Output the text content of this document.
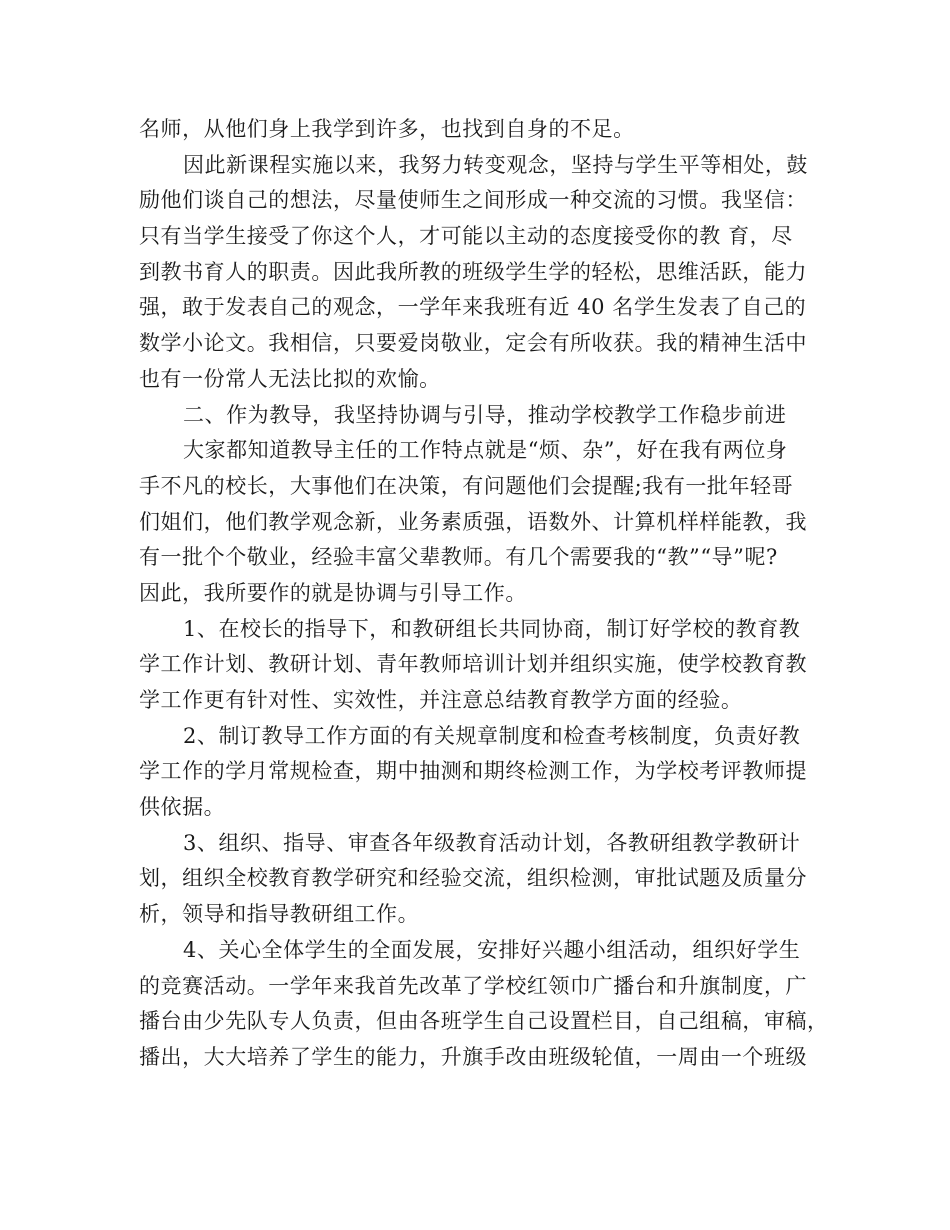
名师，从他们身上我学到许多，也找到自身的不足。
因此新课程实施以来，我努力转变观念，坚持与学生平等相处，鼓
励他们谈自己的想法，尽量使师生之间形成一种交流的习惯。我坚信：
只有当学生接受了你这个人，才可能以主动的态度接受你的教 育，尽
到教书育人的职责。因此我所教的班级学生学的轻松，思维活跃，能力
强，敢于发表自己的观念，一学年来我班有近 40 名学生发表了自己的
数学小论文。我相信，只要爱岗敬业，定会有所收获。我的精神生活中
也有一份常人无法比拟的欢愉。
二、作为教导，我坚持协调与引导，推动学校教学工作稳步前进
大家都知道教导主任的工作特点就是“烦、杂”，好在我有两位身
手不凡的校长，大事他们在决策，有问题他们会提醒;我有一批年轻哥
们姐们，他们教学观念新，业务素质强，语数外、计算机样样能教，我
有一批个个敬业，经验丰富父辈教师。有几个需要我的“教”“导”呢?
因此，我所要作的就是协调与引导工作。
1、在校长的指导下，和教研组长共同协商，制订好学校的教育教
学工作计划、教研计划、青年教师培训计划并组织实施，使学校教育教
学工作更有针对性、实效性，并注意总结教育教学方面的经验。
2、制订教导工作方面的有关规章制度和检查考核制度，负责好教
学工作的学月常规检查，期中抽测和期终检测工作，为学校考评教师提
供依据。
3、组织、指导、审查各年级教育活动计划，各教研组教学教研计
划，组织全校教育教学研究和经验交流，组织检测，审批试题及质量分
析，领导和指导教研组工作。
4、关心全体学生的全面发展，安排好兴趣小组活动，组织好学生
的竞赛活动。一学年来我首先改革了学校红领巾广播台和升旗制度，广
播台由少先队专人负责，但由各班学生自己设置栏目，自己组稿，审稿，
播出，大大培养了学生的能力，升旗手改由班级轮值，一周由一个班级
